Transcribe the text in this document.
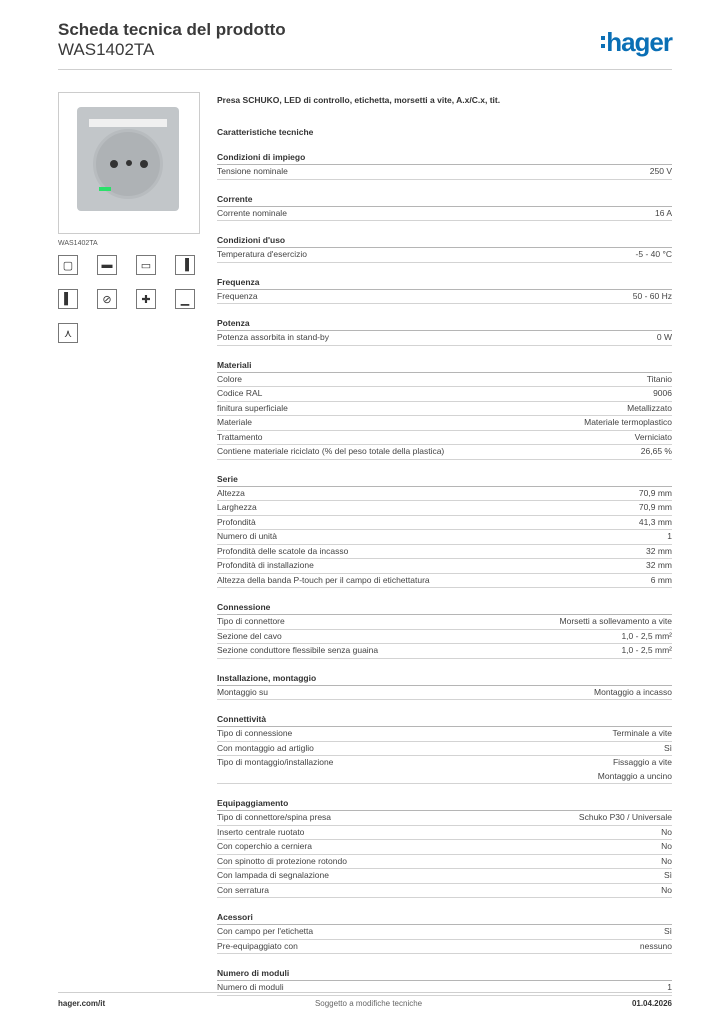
Scheda tecnica del prodotto
WAS1402TA	hager
WAS1402TA
▢	▬	▭	▐
▌	⊘	✚	▁
⋏
Presa SCHUKO, LED di controllo, etichetta, morsetti a vite, A.x/C.x, tit.
Caratteristiche tecniche
Condizioni di impiego
Tensione nominale	250 V
Corrente
Corrente nominale	16 A
Condizioni d'uso
Temperatura d'esercizio	-5 - 40 °C
Frequenza
Frequenza	50 - 60 Hz
Potenza
Potenza assorbita in stand-by	0 W
Materiali
Colore	Titanio
Codice RAL	9006
finitura superficiale	Metallizzato
Materiale	Materiale termoplastico
Trattamento	Verniciato
Contiene materiale riciclato (% del peso totale della plastica)	26,65 %
Serie
Altezza	70,9 mm
Larghezza	70,9 mm
Profondità	41,3 mm
Numero di unità	1
Profondità delle scatole da incasso	32 mm
Profondità di installazione	32 mm
Altezza della banda P-touch per il campo di etichettatura	6 mm
Connessione
Tipo di connettore	Morsetti a sollevamento a vite
Sezione del cavo	1,0 - 2,5 mm²
Sezione conduttore flessibile senza guaina	1,0 - 2,5 mm²
Installazione, montaggio
Montaggio su	Montaggio a incasso
Connettività
Tipo di connessione	Terminale a vite
Con montaggio ad artiglio	Sì
Tipo di montaggio/installazione	Fissaggio a vite
Montaggio a uncino
Equipaggiamento
Tipo di connettore/spina presa	Schuko P30 / Universale
Inserto centrale ruotato	No
Con coperchio a cerniera	No
Con spinotto di protezione rotondo	No
Con lampada di segnalazione	Sì
Con serratura	No
Acessori
Con campo per l'etichetta	Sì
Pre-equipaggiato con	nessuno
Numero di moduli
Numero di moduli	1
hager.com/it	Soggetto a modifiche tecniche	01.04.2026
